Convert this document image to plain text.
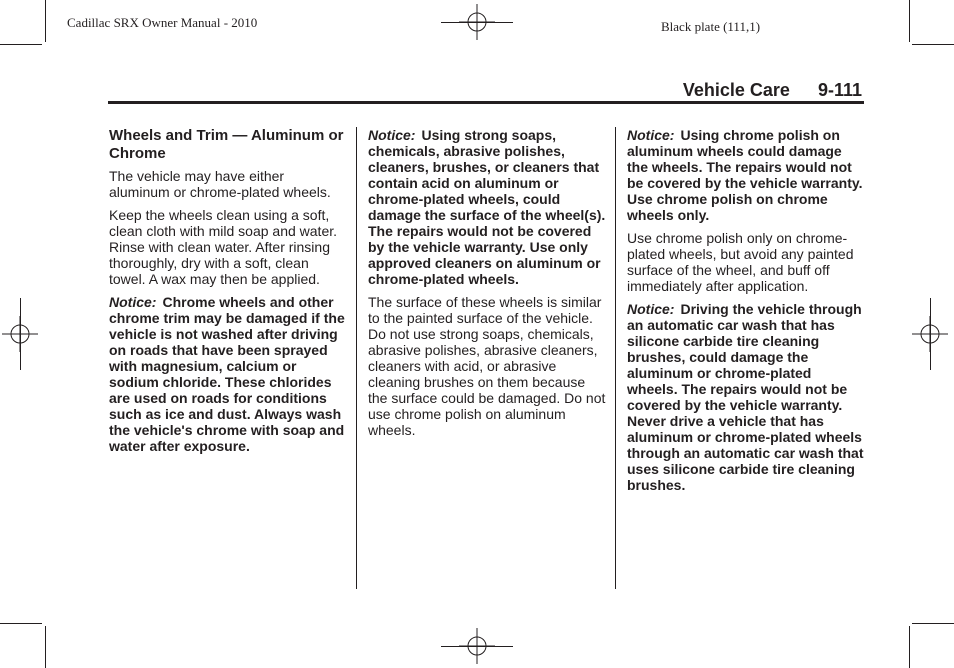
Cadillac SRX Owner Manual - 2010	Black plate (111,1)
Vehicle Care 9-111

Wheels and Trim — Aluminum or Chrome

The vehicle may have either aluminum or chrome-plated wheels.

Keep the wheels clean using a soft, clean cloth with mild soap and water. Rinse with clean water. After rinsing thoroughly, dry with a soft, clean towel. A wax may then be applied.

Notice: Chrome wheels and other chrome trim may be damaged if the vehicle is not washed after driving on roads that have been sprayed with magnesium, calcium or sodium chloride. These chlorides are used on roads for conditions such as ice and dust. Always wash the vehicle's chrome with soap and water after exposure.

Notice: Using strong soaps, chemicals, abrasive polishes, cleaners, brushes, or cleaners that contain acid on aluminum or chrome-plated wheels, could damage the surface of the wheel(s). The repairs would not be covered by the vehicle warranty. Use only approved cleaners on aluminum or chrome-plated wheels.

The surface of these wheels is similar to the painted surface of the vehicle. Do not use strong soaps, chemicals, abrasive polishes, abrasive cleaners, cleaners with acid, or abrasive cleaning brushes on them because the surface could be damaged. Do not use chrome polish on aluminum wheels.

Notice: Using chrome polish on aluminum wheels could damage the wheels. The repairs would not be covered by the vehicle warranty. Use chrome polish on chrome wheels only.

Use chrome polish only on chrome-plated wheels, but avoid any painted surface of the wheel, and buff off immediately after application.

Notice: Driving the vehicle through an automatic car wash that has silicone carbide tire cleaning brushes, could damage the aluminum or chrome-plated wheels. The repairs would not be covered by the vehicle warranty. Never drive a vehicle that has aluminum or chrome-plated wheels through an automatic car wash that uses silicone carbide tire cleaning brushes.
